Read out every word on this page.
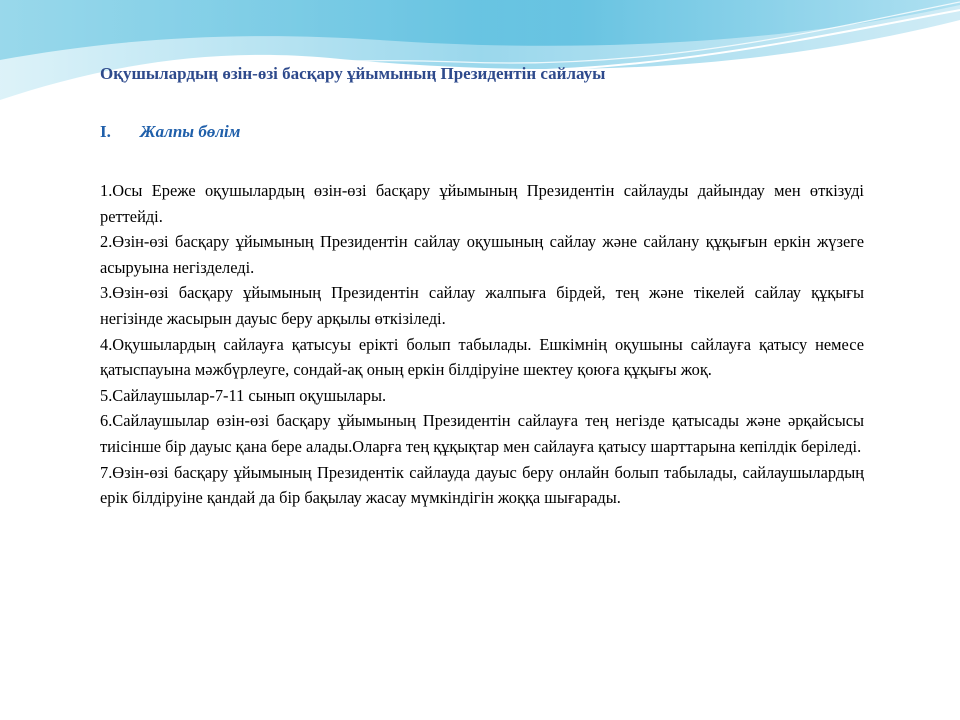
Оқушылардың өзін-өзі басқару ұйымының Президентін сайлауы
I.	Жалпы бөлім

1.Осы Ереже оқушылардың өзін-өзі басқару ұйымының Президентін сайлауды дайындау мен өткізуді реттейді.

2.Өзін-өзі басқару ұйымының Президентін сайлау оқушының сайлау және сайлану құқығын еркін жүзеге асыруына негізделеді.

3.Өзін-өзі басқару ұйымының Президентін сайлау жалпыға бірдей, тең және тікелей сайлау құқығы негізінде жасырын дауыс беру арқылы өткізіледі.

4.Оқушылардың сайлауға қатысуы ерікті болып табылады. Ешкімнің оқушыны сайлауға қатысу немесе қатыспауына мәжбүрлеуге, сондай-ақ оның еркін білдіруіне шектеу қоюға құқығы жоқ.

5.Сайлаушылар-7-11 сынып оқушылары.

6.Сайлаушылар өзін-өзі басқару ұйымының Президентін сайлауға тең негізде қатысады және әрқайсысы тиісінше бір дауыс қана бере алады.Оларға тең құқықтар мен сайлауға қатысу шарттарына кепілдік беріледі.

7.Өзін-өзі басқару ұйымының Президентік сайлауда дауыс беру онлайн болып табылады, сайлаушылардың ерік білдіруіне қандай да бір бақылау жасау мүмкіндігін жоққа шығарады.
